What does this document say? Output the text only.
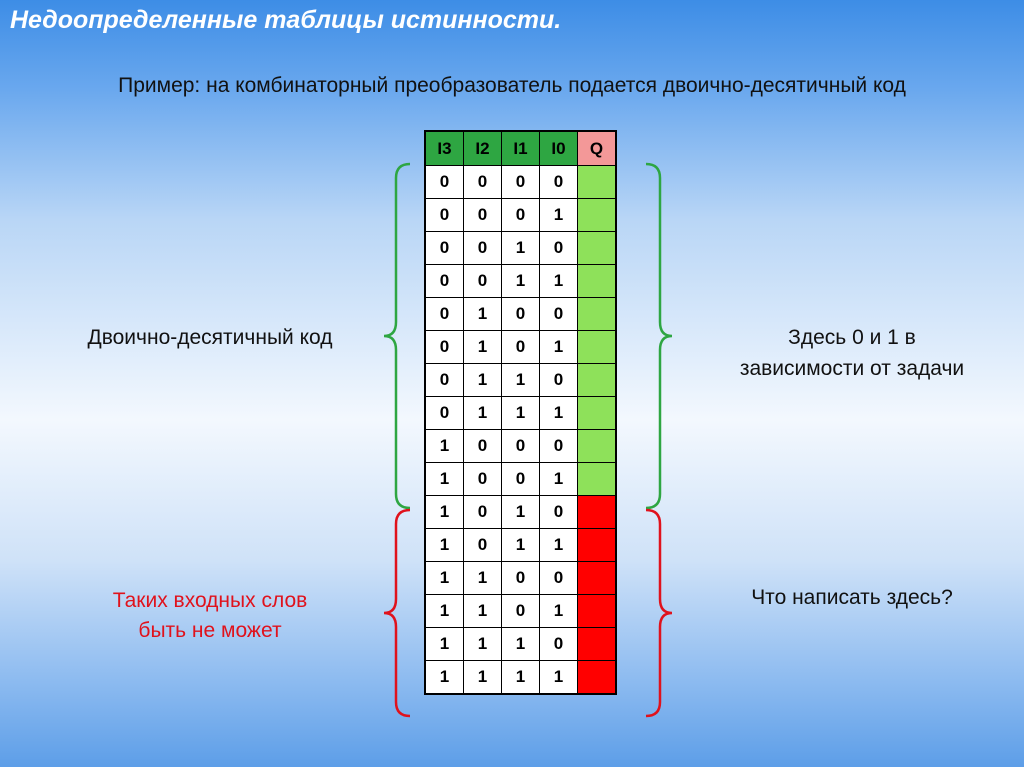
Недоопределенные таблицы истинности.
Пример: на комбинаторный преобразователь подается двоично-десятичный код
I3	I2	I1	I0	Q
0	0	0	0	
0	0	0	1	
0	0	1	0	
0	0	1	1	
0	1	0	0	
0	1	0	1	
0	1	1	0	
0	1	1	1	
1	0	0	0	
1	0	0	1	
1	0	1	0	
1	0	1	1	
1	1	0	0	
1	1	0	1	
1	1	1	0	
1	1	1	1	
Двоично-десятичный код	Здесь 0 и 1 в
зависимости от задачи
Таких входных слов
быть не может
Что написать здесь?
